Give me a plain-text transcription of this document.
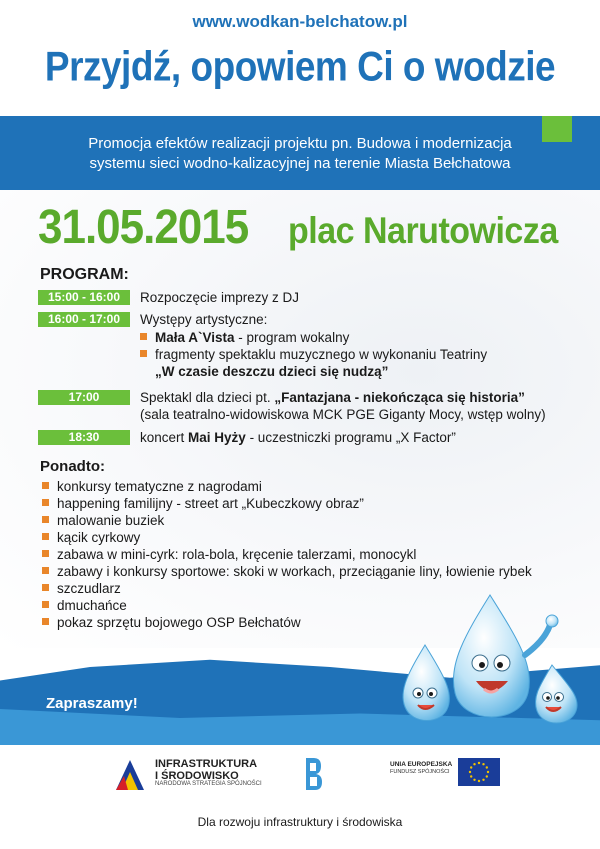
www.wodkan-belchatow.pl
Przyjdź, opowiem Ci o wodzie
Promocja efektów realizacji projektu pn. Budowa i modernizacja
systemu sieci wodno-kalizacyjnej na terenie Miasta Bełchatowa
31.05.2015 plac Narutowicza
PROGRAM:
15:00 - 16:00	Rozpoczęcie imprezy z DJ
16:00 - 17:00	Występy artystyczne:
Mała A`Vista - program wokalny
fragmenty spektaklu muzycznego w wykonaniu Teatriny
„W czasie deszczu dzieci się nudzą”
17:00	Spektakl dla dzieci pt. „Fantazjana - niekończąca się historia”
(sala teatralno-widowiskowa MCK PGE Giganty Mocy, wstęp wolny)
18:30	koncert Mai Hyży - uczestniczki programu „X Factor”
Ponadto:
konkursy tematyczne z nagrodami
happening familijny - street art „Kubeczkowy obraz”
malowanie buziek
kącik cyrkowy
zabawa w mini-cyrk: rola-bola, kręcenie talerzami, monocykl
zabawy i konkursy sportowe: skoki w workach, przeciąganie liny, łowienie rybek
szczudlarz
dmuchańce
pokaz sprzętu bojowego OSP Bełchatów
Zapraszamy!
INFRASTRUKTURA
I ŚRODOWISKO
NARODOWA STRATEGIA SPÓJNOŚCI
UNIA EUROPEJSKA
FUNDUSZ SPÓJNOŚCI
Dla rozwoju infrastruktury i środowiska
